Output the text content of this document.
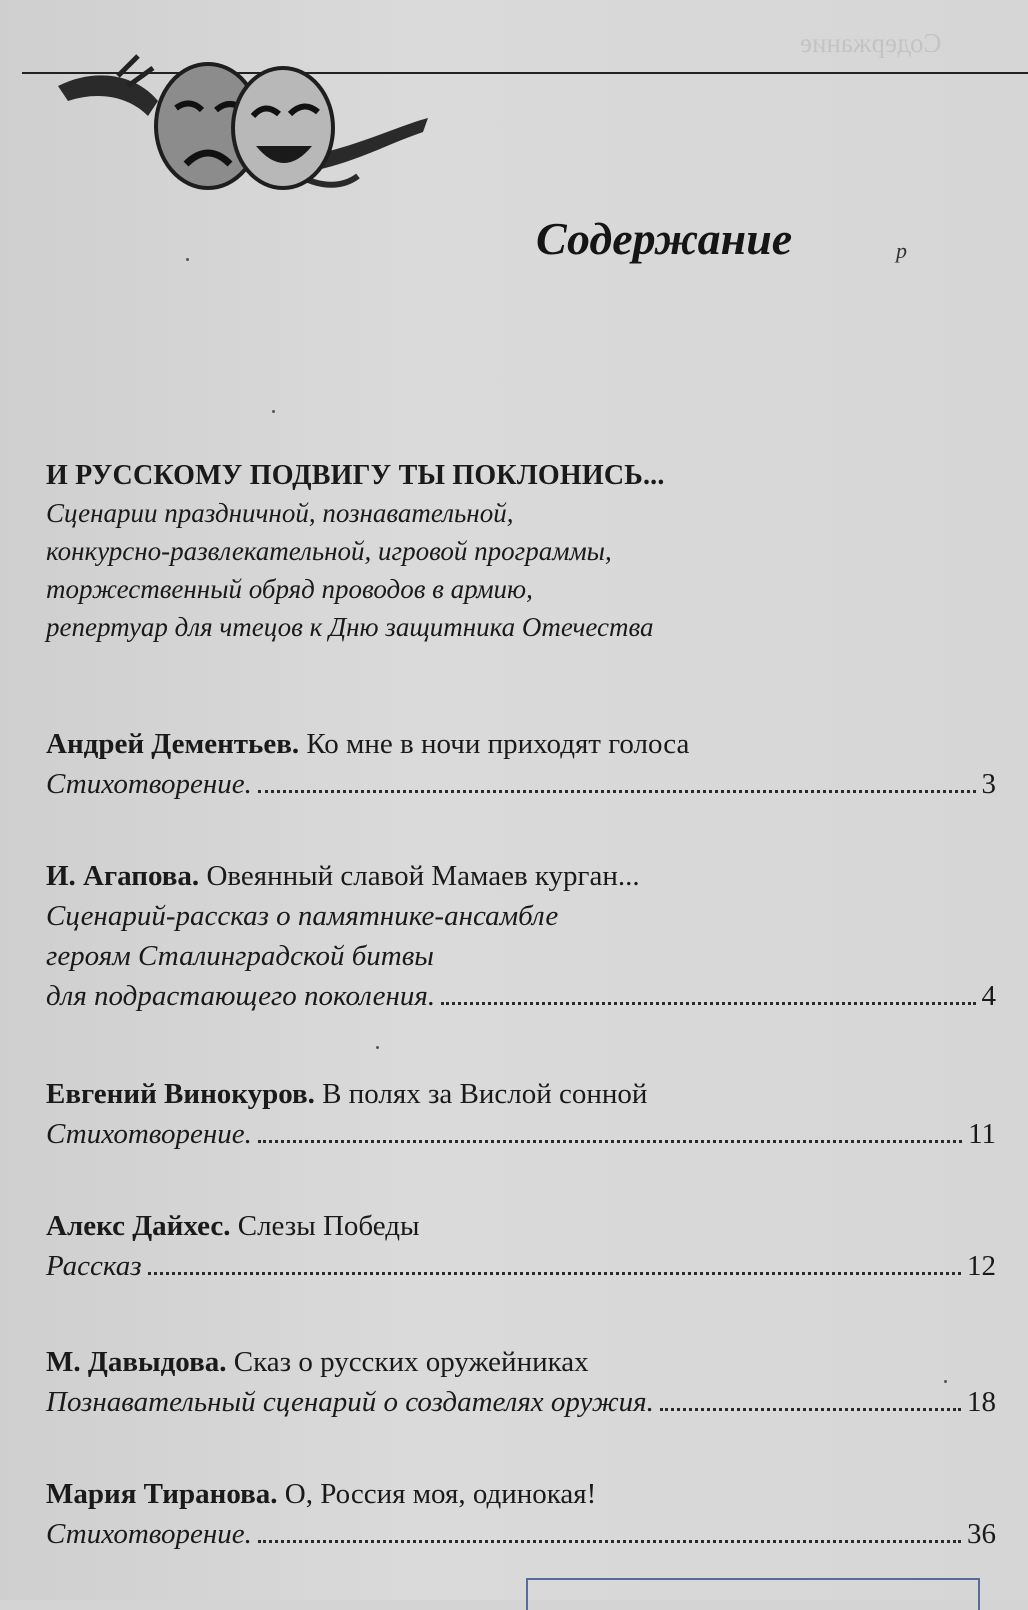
Содержание
Содержание	р
И РУССКОМУ ПОДВИГУ ТЫ ПОКЛОНИСЬ...
Сценарии праздничной, познавательной,
конкурсно-развлекательной, игровой программы,
торжественный обряд проводов в армию,
репертуар для чтецов к Дню защитника Отечества
Андрей Дементьев. Ко мне в ночи приходят голоса
Стихотворение.	3
И. Агапова. Овеянный славой Мамаев курган...
Сценарий-рассказ о памятнике-ансамбле
героям Сталинградской битвы
для подрастающего поколения.	4
Евгений Винокуров. В полях за Вислой сонной
Стихотворение.	11
Алекс Дайхес. Слезы Победы
Рассказ	12
М. Давыдова. Сказ о русских оружейниках
Познавательный сценарий о создателях оружия.	18
Мария Тиранова. О, Россия моя, одинокая!
Стихотворение.	36
